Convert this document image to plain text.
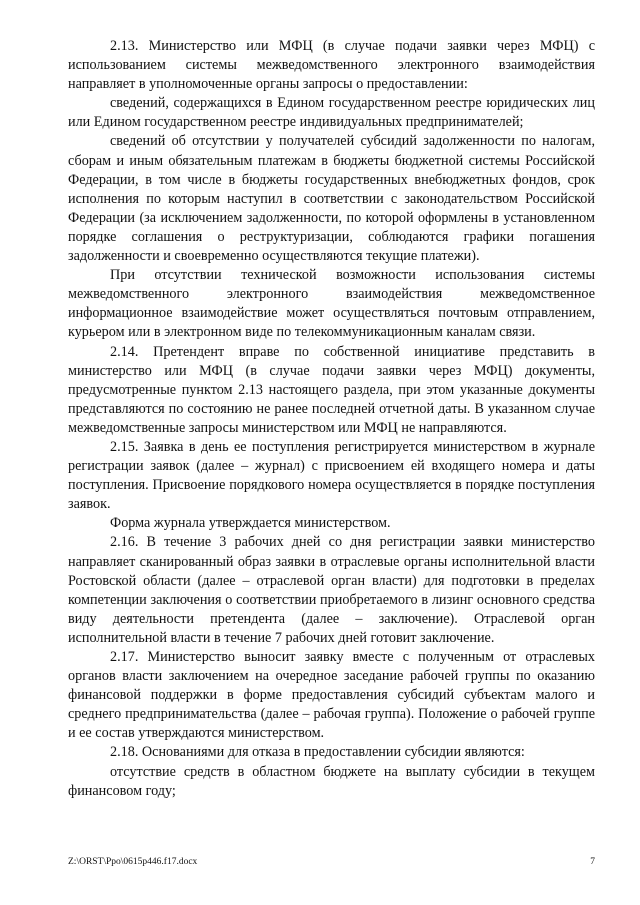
2.13. Министерство или МФЦ (в случае подачи заявки через МФЦ) с использованием системы межведомственного электронного взаимодействия направляет в уполномоченные органы запросы о предоставлении:

сведений, содержащихся в Едином государственном реестре юридических лиц или Едином государственном реестре индивидуальных предпринимателей;

сведений об отсутствии у получателей субсидий задолженности по налогам, сборам и иным обязательным платежам в бюджеты бюджетной системы Российской Федерации, в том числе в бюджеты государственных внебюджетных фондов, срок исполнения по которым наступил в соответствии с законодательством Российской Федерации (за исключением задолженности, по которой оформлены в установленном порядке соглашения о реструктуризации, соблюдаются графики погашения задолженности и своевременно осуществляются текущие платежи).

При отсутствии технической возможности использования системы межведомственного электронного взаимодействия межведомственное информационное взаимодействие может осуществляться почтовым отправлением, курьером или в электронном виде по телекоммуникационным каналам связи.

2.14. Претендент вправе по собственной инициативе представить в министерство или МФЦ (в случае подачи заявки через МФЦ) документы, предусмотренные пунктом 2.13 настоящего раздела, при этом указанные документы представляются по состоянию не ранее последней отчетной даты. В указанном случае межведомственные запросы министерством или МФЦ не направляются.

2.15. Заявка в день ее поступления регистрируется министерством в журнале регистрации заявок (далее – журнал) с присвоением ей входящего номера и даты поступления. Присвоение порядкового номера осуществляется в порядке поступления заявок.

Форма журнала утверждается министерством.

2.16. В течение 3 рабочих дней со дня регистрации заявки министерство направляет сканированный образ заявки в отраслевые органы исполнительной власти Ростовской области (далее – отраслевой орган власти) для подготовки в пределах компетенции заключения о соответствии приобретаемого в лизинг основного средства виду деятельности претендента (далее – заключение). Отраслевой орган исполнительной власти в течение 7 рабочих дней готовит заключение.

2.17. Министерство выносит заявку вместе с полученным от отраслевых органов власти заключением на очередное заседание рабочей группы по оказанию финансовой поддержки в форме предоставления субсидий субъектам малого и среднего предпринимательства (далее – рабочая группа). Положение о рабочей группе и ее состав утверждаются министерством.

2.18. Основаниями для отказа в предоставлении субсидии являются:

отсутствие средств в областном бюджете на выплату субсидии в текущем финансовом году;

Z:\ORST\Ppo\0615p446.f17.docx	7
